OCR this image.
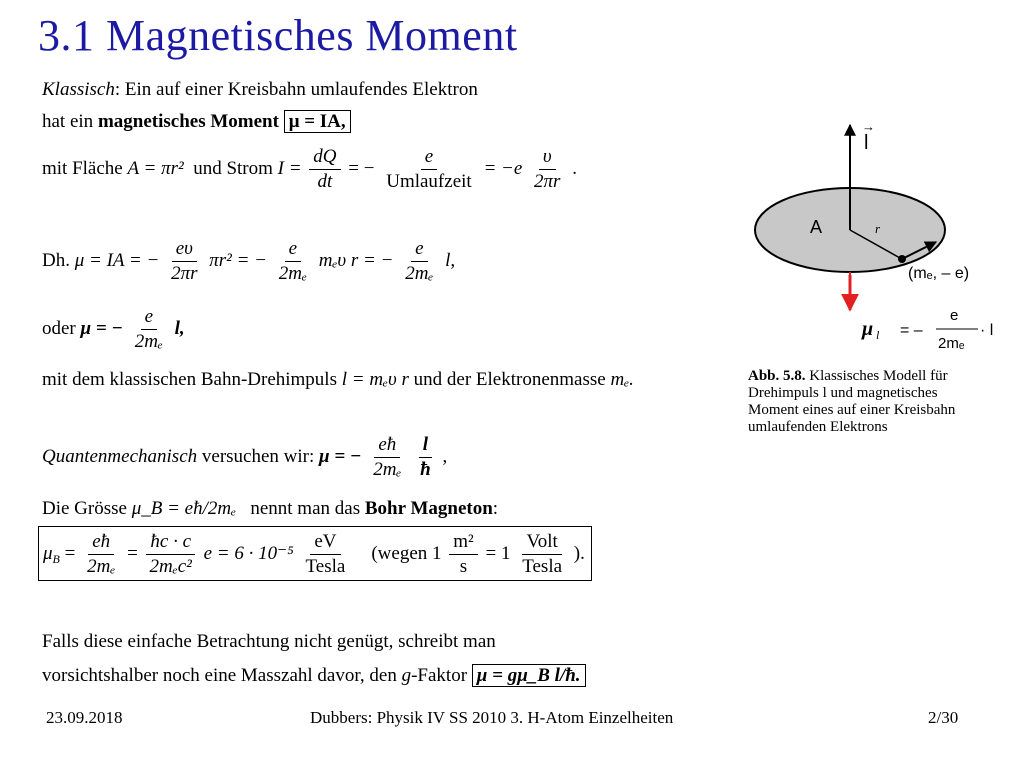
3.1 Magnetisches Moment
Klassisch: Ein auf einer Kreisbahn umlaufendes Elektron
hat ein magnetisches Moment μ = IA,
mit Fläche A = πr² und Strom $I = \frac{dQ}{dt}$ = − $\frac{e}{\text{Umlaufzeit}} = -e \frac{\upsilon}{2\pi r}$ .
Dh. μ = IA = − $\frac{e\upsilon}{2\pi r} \pi r^2$ = − $\frac{e}{\text{2mₑ}}$ mₑυ r = − $\frac{e}{\text{2mₑ}} l$,
oder μ = − $\frac{e}{\text{2mₑ}} l$,
mit dem klassischen Bahn-Drehimpuls l = mₑυ r und der Elektronenmasse mₑ.
Quantenmechanisch versuchen wir: μ = − $\frac{eħ}{\text{2mₑ}}$
$\frac{l}{ħ}$ ,
Die Grösse μ_B = eħ/2mₑ nennt man das Bohr Magneton:
$\mu_B = \frac{eħ}{\text{2mₑ}} = \frac{ħc \cdot c}{\text{2mₑc²}}$ $e = 6 \cdot 10^{-5} \frac{eV}{\text{Tesla}}$ (wegen $1 \frac{\text{m²}}{s} = 1 \frac{\text{Volt}}{\text{Tesla}}$ ).
Falls diese einfache Betrachtung nicht genügt, schreibt man
vorsichtshalber noch eine Masszahl davor, den g-Faktor μ = gμ_B l/ħ.
→
l
A	r
(mₑ, – e)
μ l = –
e
2mₑ
· l
Abb. 5.8. Klassisches Modell für Drehimpuls l und magnetisches Moment eines auf einer Kreisbahn umlaufenden Elektrons
23.09.2018	Dubbers: Physik IV SS 2010 3. H-Atom Einzelheiten	2/30
